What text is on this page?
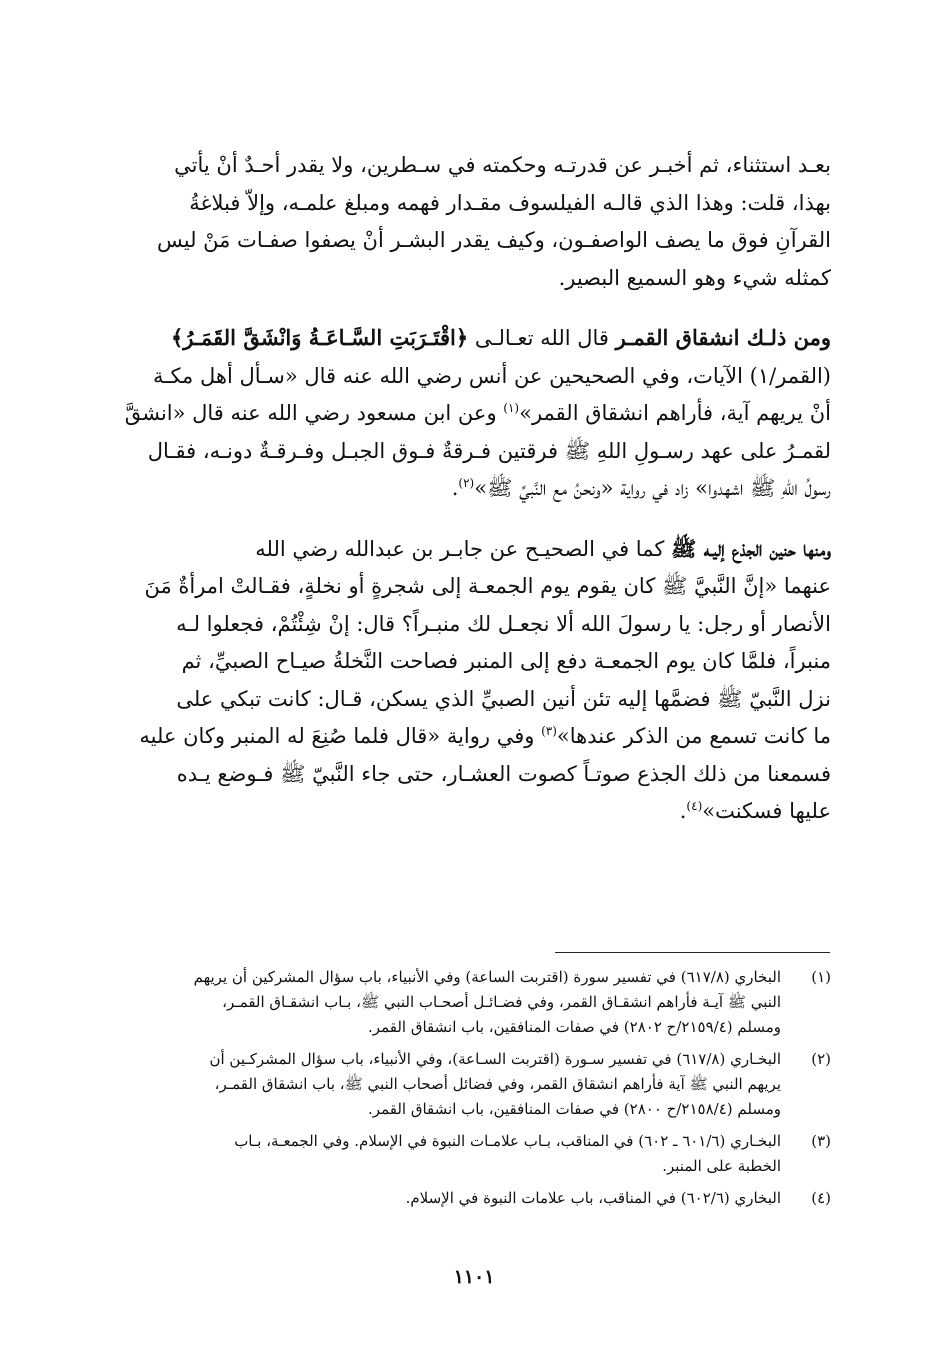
بعـد استثناء، ثم أخبـر عن قدرتـه وحكمته في سـطرين، ولا يقدر أحـدٌ أنْ يأتي
بهذا، قلت: وهذا الذي قالـه الفيلسوف مقـدار فهمه ومبلغ علمـه، وإلاّ فبلاغةُ
القرآنِ فوق ما يصف الواصفـون، وكيف يقدر البشـر أنْ يصفوا صفـات مَنْ ليس
كمثله شيء وهو السميع البصير.

ومن ذلـك انشقاق القمـر قال الله تعـالـى ﴿اقْتَـرَبَتِ السَّـاعَـةُ وَانْشَقَّ القَمَـرُ﴾
(القمر/١) الآيات، وفي الصحيحين عن أنس رضي الله عنه قال «سـأل أهل مكـة
أنْ يريهم آية، فأراهم انشقاق القمر»$^{(١)}$ وعن ابن مسعود رضي الله عنه قال «انشقَّ
لقمـرُ على عهد رسـولِ اللهِ ﷺ فرقتين فـرقةٌ فـوق الجبـل وفـرقـةٌ دونـه، فقـال
رسولُ اللهِ ﷺ اشهدوا» زاد في رواية «ونحنُ مع النَّبيِّ ﷺ»$^{(٢)}$.

ومنها حنين الجذع إليـه ﷺ كما في الصحيـح عن جابـر بن عبدالله رضي الله
عنهما «إنَّ النَّبيَّ ﷺ كان يقوم يوم الجمعـة إلى شجرةٍ أو نخلةٍ، فقـالتْ امرأةٌ مَنَ
الأنصار أو رجل: يا رسولَ الله ألا نجعـل لك منبـراً؟ قال: إنْ شِئْتُمْ، فجعلوا لـه
منبراً، فلمَّا كان يوم الجمعـة دفع إلى المنبر فصاحت النَّخلةُ صيـاح الصبيِّ، ثم
نزل النَّبيّ ﷺ فضمَّها إليه تئن أنين الصبيِّ الذي يسكن، قـال: كانت تبكي على
ما كانت تسمع من الذكر عندها»$^{(٣)}$ وفي رواية «قال فلما صُنِعَ له المنبر وكان عليه
فسمعنا من ذلك الجذع صوتـاً كصوت العشـار، حتى جاء النَّبيّ ﷺ فـوضع يـده
عليها فسكنت»$^{(٤)}$.

(١)
البخاري (٦١٧/٨) في تفسير سورة (اقتربت الساعة) وفي الأنبياء، باب سؤال المشركين أن يريهم
النبي ﷺ آيـة فأراهم انشقـاق القمر، وفي فضـائـل أصحـاب النبي ﷺ، بـاب انشقـاق القمـر،
ومسلم (٢١٥٩/٤/ح ٢٨٠٢) في صفات المنافقين، باب انشقاق القمر.
(٢)
البخـاري (٦١٧/٨) في تفسير سـورة (اقتربت السـاعة)، وفي الأنبياء، باب سؤال المشركـين أن
يريهم النبي ﷺ آية فأراهم انشقاق القمر، وفي فضائل أصحاب النبي ﷺ، باب انشقاق القمـر،
ومسلم (٢١٥٨/٤/ح ٢٨٠٠) في صفات المنافقين، باب انشقاق القمر.
(٣)
البخـاري (٦٠١/٦ ـ ٦٠٢) في المناقب، بـاب علامـات النبوة في الإسلام. وفي الجمعـة، بـاب
الخطبة على المنبر.
(٤)
البخاري (٦٠٢/٦) في المناقب، باب علامات النبوة في الإسلام.
١١٠١
